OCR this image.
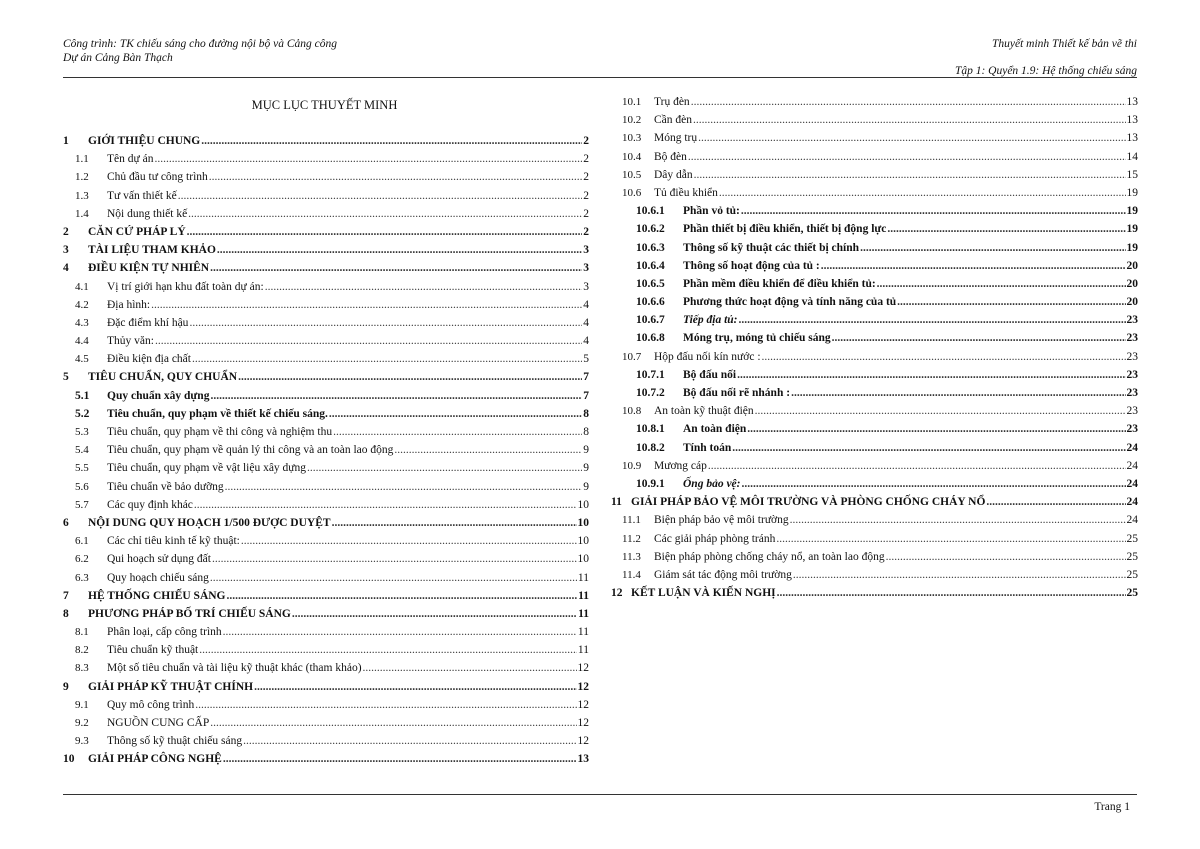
Công trình: TK chiếu sáng cho đường nội bộ và Cảng công
Dự án Cảng Bàn Thạch
Thuyết minh Thiết kế bản vẽ thi
Tập 1: Quyển 1.9: Hệ thống chiếu sáng
MỤC LỤC THUYẾT MINH
1	GIỚI THIỆU CHUNG .....	2
1.1	Tên dự án .....	2
1.2	Chủ đầu tư công trình .....	2
1.3	Tư vấn thiết kế .....	2
1.4	Nội dung thiết kế .....	2
2	CĂN CỨ PHÁP LÝ .....	2
3	TÀI LIỆU THAM KHẢO .....	3
4	ĐIỀU KIỆN TỰ NHIÊN .....	3
4.1	Vị trí giới hạn khu đất toàn dự án: .....	3
4.2	Địa hình: .....	4
4.3	Đặc điểm khí hậu .....	4
4.4	Thủy văn: .....	4
4.5	Điều kiện địa chất .....	5
5	TIÊU CHUẨN, QUY CHUẨN .....	7
5.1	Quy chuẩn xây dựng .....	7
5.2	Tiêu chuẩn, quy phạm về thiết kế chiếu sáng. .....	8
5.3	Tiêu chuẩn, quy phạm về thi công và nghiệm thu .....	8
5.4	Tiêu chuẩn, quy phạm về quản lý thi công và an toàn lao động .....	9
5.5	Tiêu chuẩn, quy phạm về vật liệu xây dựng .....	9
5.6	Tiêu chuẩn về bảo dưỡng .....	9
5.7	Các quy định khác .....	10
6	NỘI DUNG QUY HOẠCH 1/500 ĐƯỢC DUYỆT .....	10
6.1	Các chỉ tiêu kinh tế kỹ thuật: .....	10
6.2	Qui hoạch sử dụng đất .....	10
6.3	Quy hoạch chiếu sáng .....	11
7	HỆ THỐNG CHIẾU SÁNG .....	11
8	PHƯƠNG PHÁP BỐ TRÍ CHIẾU SÁNG .....	11
8.1	Phân loại, cấp công trình .....	11
8.2	Tiêu chuẩn kỹ thuật .....	11
8.3	Một số tiêu chuẩn và tài liệu kỹ thuật khác (tham khảo) .....	12
9	GIẢI PHÁP KỸ THUẬT CHÍNH .....	12
9.1	Quy mô công trình .....	12
9.2	NGUỒN CUNG CẤP .....	12
9.3	Thông số kỹ thuật chiếu sáng .....	12
10	GIẢI PHÁP CÔNG NGHỆ .....	13
10.1	Trụ đèn .....	13
10.2	Cần đèn .....	13
10.3	Móng trụ .....	13
10.4	Bộ đèn .....	14
10.5	Dây dẫn .....	15
10.6	Tủ điều khiển .....	19
10.6.1	Phần vỏ tủ: .....	19
10.6.2	Phần thiết bị điều khiển, thiết bị động lực .....	19
10.6.3	Thông số kỹ thuật các thiết bị chính .....	19
10.6.4	Thông số hoạt động của tủ : .....	20
10.6.5	Phần mềm điều khiển để điều khiển tủ: .....	20
10.6.6	Phương thức hoạt động và tính năng của tủ .....	20
10.6.7	Tiếp địa tủ: .....	23
10.6.8	Móng trụ, móng tủ chiếu sáng .....	23
10.7	Hộp đấu nối kín nước : .....	23
10.7.1	Bộ đấu nối .....	23
10.7.2	Bộ đấu nối rẽ nhánh : .....	23
10.8	An toàn kỹ thuật điện .....	23
10.8.1	An toàn điện .....	23
10.8.2	Tính toán .....	24
10.9	Mương cáp .....	24
10.9.1	Ống bảo vệ: .....	24
11 GIẢI PHÁP BẢO VỆ MÔI TRƯỜNG VÀ PHÒNG CHỐNG CHÁY NỔ .....	24
11.1	Biện pháp bảo vệ môi trường .....	24
11.2	Các giải pháp phòng tránh .....	25
11.3	Biện pháp phòng chống cháy nổ, an toàn lao động .....	25
11.4	Giám sát tác động môi trường .....	25
12 KẾT LUẬN VÀ KIẾN NGHỊ .....	25
Trang 1
